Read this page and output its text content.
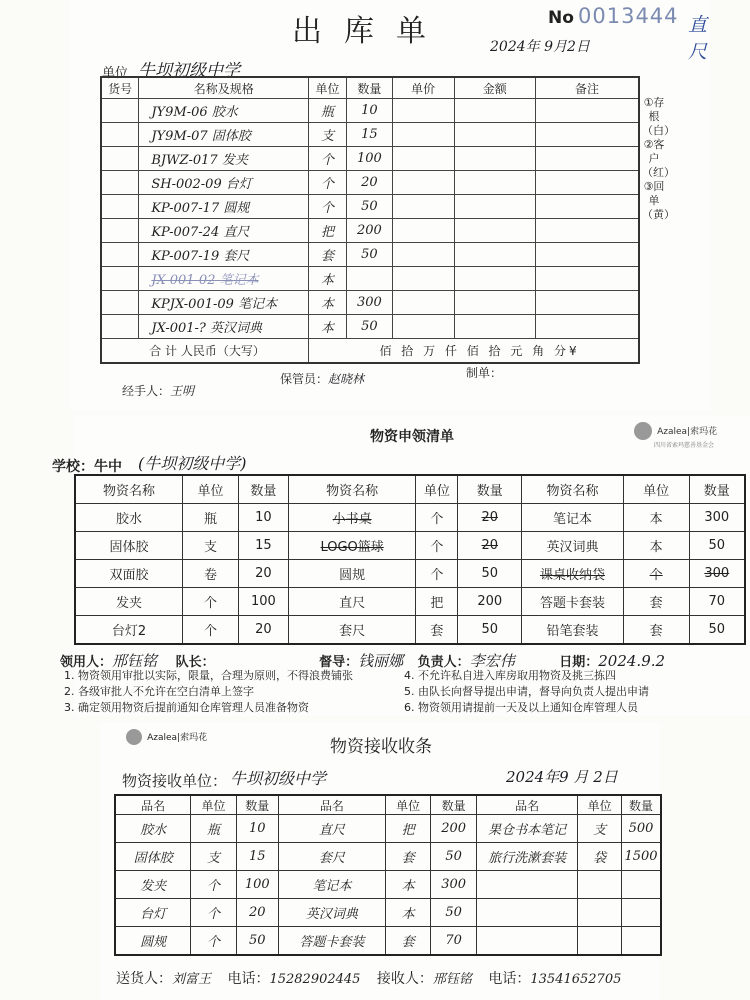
出库单	No 0013444 直尺
2024年 9月2日
单位 牛坝初级中学
货号	名称及规格	单位	数量	单价	金额	备注
	JY9M-06 胶水	瓶	10			
	JY9M-07 固体胶	支	15			
	BJWZ-017 发夹	个	100			
	SH-002-09 台灯	个	20			
	KP-007-17 圆规	个	50			
	KP-007-24 直尺	把	200			
	KP-007-19 套尺	套	50			
	JX-001-02 笔记本	本				
	KPJX-001-09 笔记本	本	300			
	JX-001-? 英汉词典	本	50			
合 计 人民币（大写）		佰 拾 万 仟 佰 拾 元 角 分¥				
①存根（白）②客户（红）③回单（黄）
保管员：赵晓林	制单：
经手人：王明
Azalea|索玛花
四川省索玛慈善基金会
物资申领清单
学校：牛中 (牛坝初级中学)
物资名称	单位	数量	物资名称	单位	数量	物资名称	单位	数量
胶水	瓶	10	小书桌	个	20	笔记本	本	300
固体胶	支	15	LOGO篮球	个	20	英汉词典	本	50
双面胶	卷	20	圆规	个	50	课桌收纳袋	个	300
发夹	个	100	直尺	把	200	答题卡套装	套	70
台灯2	个	20	套尺	套	50	铅笔套装	套	50
领用人：邢钰铭 队长：	督导：钱丽娜 负责人：李宏伟	日期：2024.9.2
1. 物资领用审批以实际，限量，合理为原则，不得浪费铺张
2. 各级审批人不允许在空白清单上签字
3. 确定领用物资后提前通知仓库管理人员准备物资
4. 不允许私自进入库房取用物资及挑三拣四
5. 由队长向督导提出申请，督导向负责人提出申请
6. 物资领用请提前一天及以上通知仓库管理人员
Azalea|索玛花	物资接收收条
物资接收单位： 牛坝初级中学	2024年9 月 2日
品名	单位	数量	品名	单位	数量	品名	单位	数量
胶水	瓶	10	直尺	把	200	果仓书本笔记	支	500
固体胶	支	15	套尺	套	50	旅行洗漱套装	袋	1500
发夹	个	100	笔记本	本	300			
台灯	个	20	英汉词典	本	50			
圆规	个	50	答题卡套装	套	70			
送货人：刘富王 电话：15282902445 接收人：邢钰铭 电话：13541652705
